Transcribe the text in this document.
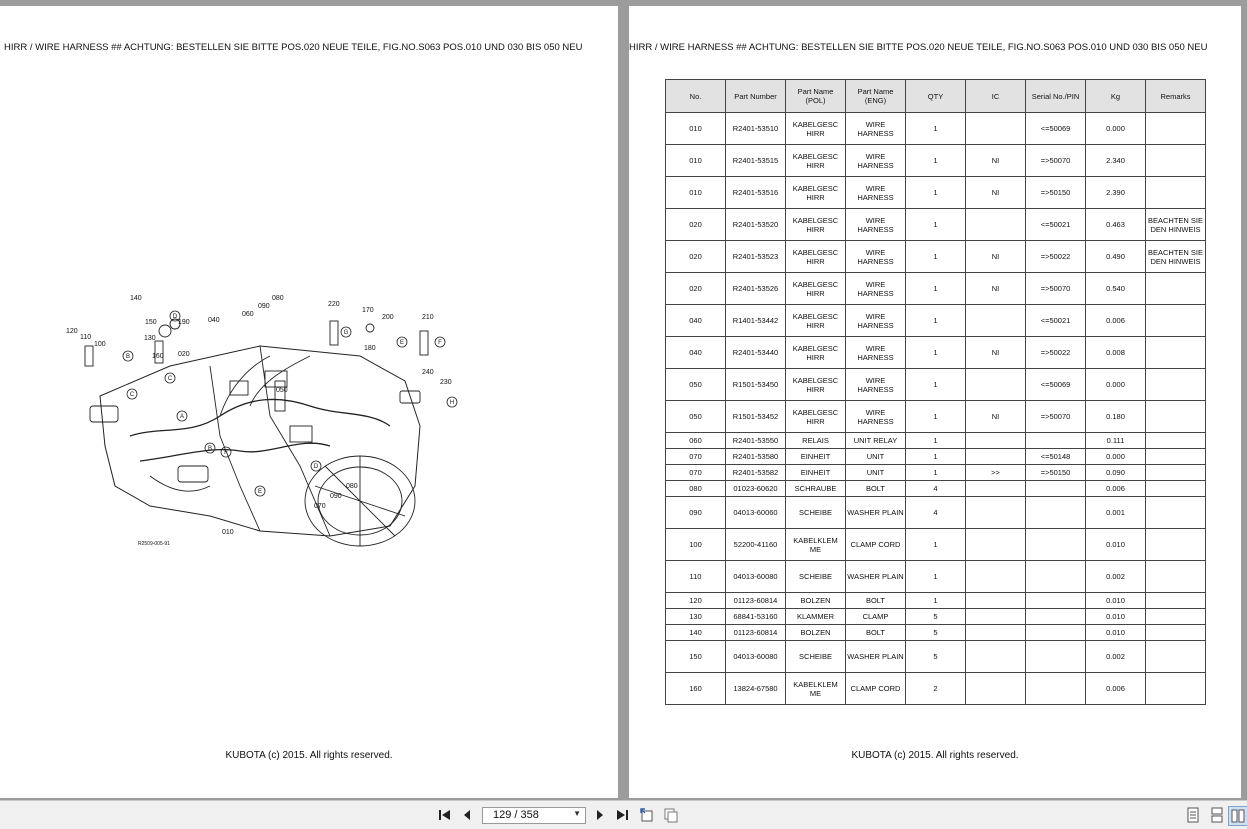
HIRR / WIRE HARNESS ## ACHTUNG: BESTELLEN SIE BITTE POS.020 NEUE TEILE, FIG.NO.S063 POS.010 UND 030 BIS 050 NEU
140
190
150
130
120
110
100
160 020
040
060
090
080
220
170
200	210
180
240
230
050
080
090
070
010
R2509-005-91
B
D
C
A
B
F
E
D
G
E	F
H
C
KUBOTA (c) 2015. All rights reserved.
HIRR / WIRE HARNESS ## ACHTUNG: BESTELLEN SIE BITTE POS.020 NEUE TEILE, FIG.NO.S063 POS.010 UND 030 BIS 050 NEU
No.	Part Number	Part Name (POL)	Part Name (ENG)	QTY	IC	Serial No./PIN	Kg	Remarks
010	R2401-53510	KABELGESC HIRR	WIRE HARNESS	1		<=50069	0.000	
010	R2401-53515	KABELGESC HIRR	WIRE HARNESS	1	NI	=>50070	2.340	
010	R2401-53516	KABELGESC HIRR	WIRE HARNESS	1	NI	=>50150	2.390	
020	R2401-53520	KABELGESC HIRR	WIRE HARNESS	1		<=50021	0.463	BEACHTEN SIE DEN HINWEIS
020	R2401-53523	KABELGESC HIRR	WIRE HARNESS	1	NI	=>50022	0.490	BEACHTEN SIE DEN HINWEIS
020	R2401-53526	KABELGESC HIRR	WIRE HARNESS	1	NI	=>50070	0.540	
040	R1401-53442	KABELGESC HIRR	WIRE HARNESS	1		<=50021	0.006	
040	R2401-53440	KABELGESC HIRR	WIRE HARNESS	1	NI	=>50022	0.008	
050	R1501-53450	KABELGESC HIRR	WIRE HARNESS	1		<=50069	0.000	
050	R1501-53452	KABELGESC HIRR	WIRE HARNESS	1	NI	=>50070	0.180	
060	R2401-53550	RELAIS	UNIT RELAY	1			0.111	
070	R2401-53580	EINHEIT	UNIT	1		<=50148	0.000	
070	R2401-53582	EINHEIT	UNIT	1	>>	=>50150	0.090	
080	01023-60620	SCHRAUBE	BOLT	4			0.006	
090	04013-60060	SCHEIBE	WASHER PLAIN	4			0.001	
100	52200-41160	KABELKLEM ME	CLAMP CORD	1			0.010	
110	04013-60080	SCHEIBE	WASHER PLAIN	1			0.002	
120	01123-60814	BOLZEN	BOLT	1			0.010	
130	68841-53160	KLAMMER	CLAMP	5			0.010	
140	01123-60814	BOLZEN	BOLT	5			0.010	
150	04013-60080	SCHEIBE	WASHER PLAIN	5			0.002	
160	13824-67580	KABELKLEM ME	CLAMP CORD	2			0.006	
KUBOTA (c) 2015. All rights reserved.
129 / 358	▼
